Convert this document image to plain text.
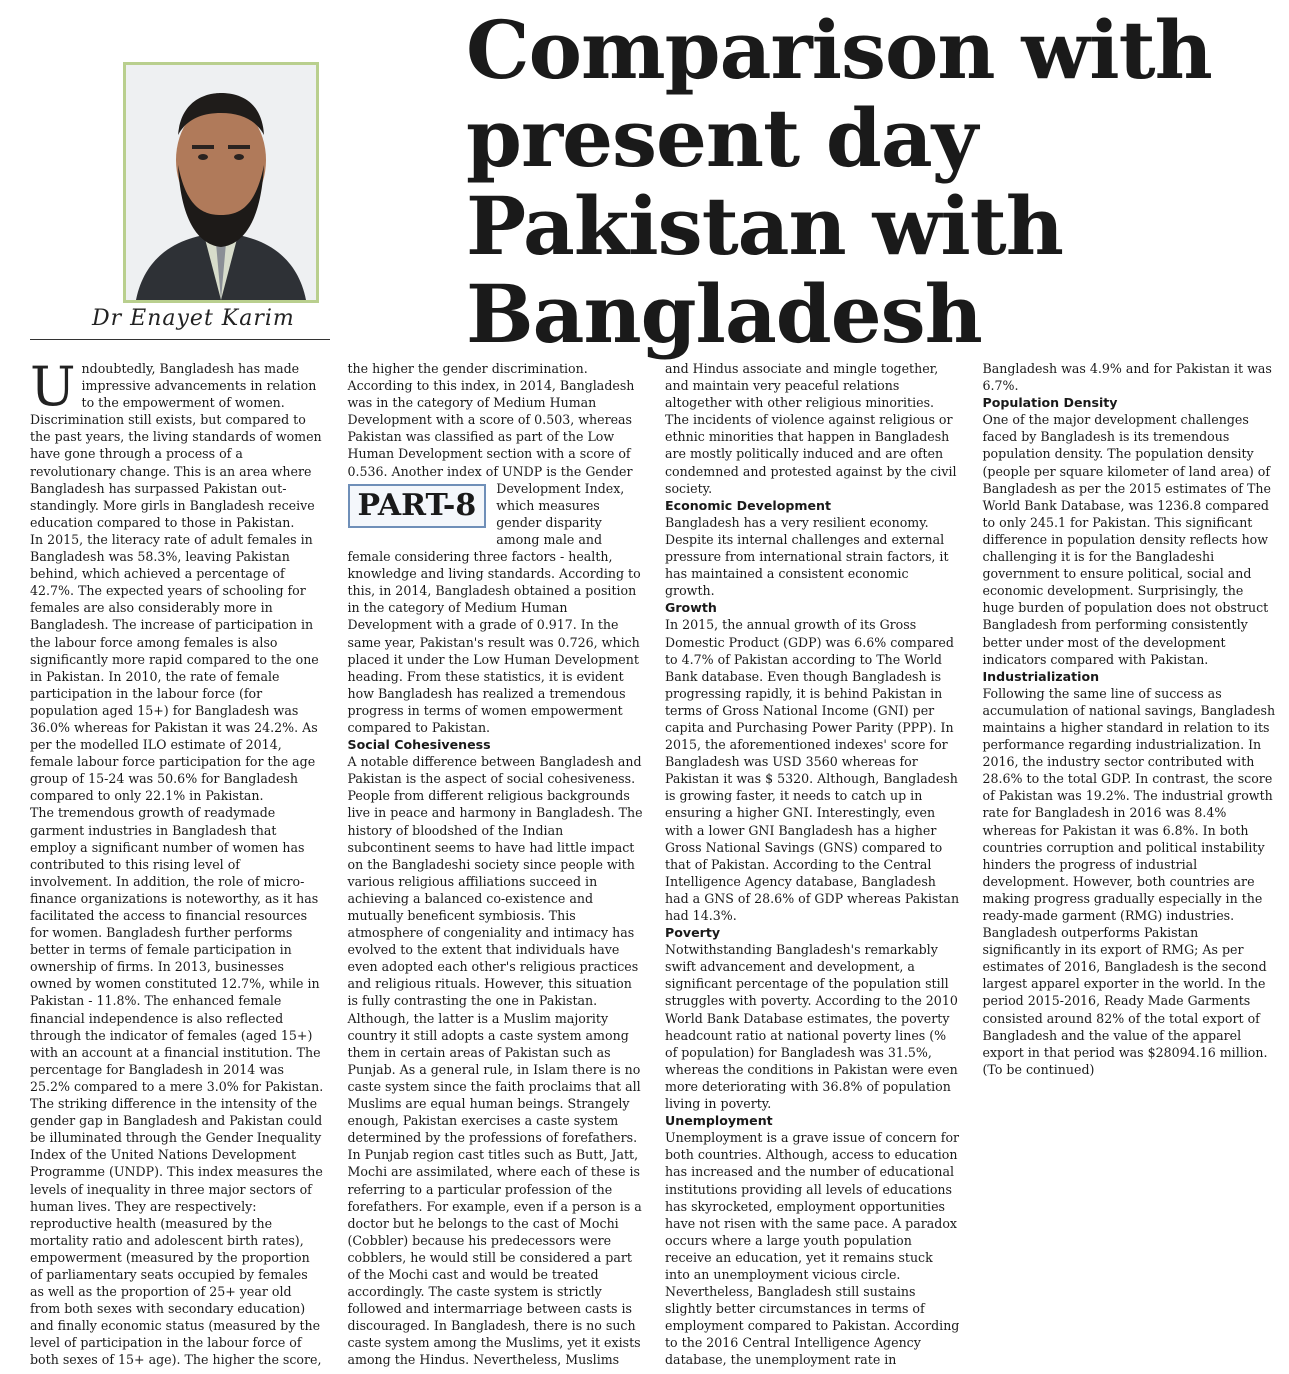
Dr Enayet Karim
Comparison with present day Pakistan with Bangladesh

Undoubtedly, Bangladesh has made impressive advancements in relation to the empowerment of women. Discrimination still exists, but compared to the past years, the living standards of women have gone through a process of a revolutionary change. This is an area where Bangladesh has surpassed Pakistan out-standingly. More girls in Bangladesh receive education compared to those in Pakistan.

In 2015, the literacy rate of adult females in Bangladesh was 58.3%, leaving Pakistan behind, which achieved a percentage of 42.7%. The expected years of schooling for females are also considerably more in Bangladesh. The increase of participation in the labour force among females is also significantly more rapid compared to the one in Pakistan. In 2010, the rate of female participation in the labour force (for population aged 15+) for Bangladesh was 36.0% whereas for Pakistan it was 24.2%. As per the modelled ILO estimate of 2014, female labour force participation for the age group of 15-24 was 50.6% for Bangladesh compared to only 22.1% in Pakistan.

The tremendous growth of readymade garment industries in Bangladesh that employ a significant number of women has contributed to this rising level of involvement. In addition, the role of micro-finance organizations is noteworthy, as it has facilitated the access to financial resources for women. Bangladesh further performs better in terms of female participation in ownership of firms. In 2013, businesses owned by women constituted 12.7%, while in Pakistan - 11.8%. The enhanced female financial independence is also reflected through the indicator of females (aged 15+) with an account at a financial institution. The percentage for Bangladesh in 2014 was 25.2% compared to a mere 3.0% for Pakistan. The striking difference in the intensity of the gender gap in Bangladesh and Pakistan could be illuminated through the Gender Inequality Index of the United Nations Development Programme (UNDP). This index measures the levels of inequality in three major sectors of human lives. They are respectively: reproductive health (measured by the mortality ratio and adolescent birth rates), empowerment (measured by the proportion of parliamentary seats occupied by females as well as the proportion of 25+ year old from both sexes with secondary education) and finally economic status (measured by the level of participation in the labour force of both sexes of 15+ age). The higher the score, the higher the gender discrimination. According to this index, in 2014, Bangladesh was in the category of Medium Human Development with a score of 0.503, whereas Pakistan was classified as part of the Low Human Development section with a score of 0.536. Another index of UNDP is the Gender

PART-8	Development Index, which measures gender disparity among male and female considering three factors - health, knowledge and living standards. According to this, in 2014, Bangladesh obtained a position in the category of Medium Human Development with a grade of 0.917. In the same year, Pakistan's result was 0.726, which placed it under the Low Human Development heading. From these statistics, it is evident how Bangladesh has realized a tremendous progress in terms of women empowerment compared to Pakistan.

Social Cohesiveness

A notable difference between Bangladesh and Pakistan is the aspect of social cohesiveness. People from different religious backgrounds live in peace and harmony in Bangladesh. The history of bloodshed of the Indian subcontinent seems to have had little impact on the Bangladeshi society since people with various religious affiliations succeed in achieving a balanced co-existence and mutually beneficent symbiosis. This atmosphere of congeniality and intimacy has evolved to the extent that individuals have even adopted each other's religious practices and religious rituals. However, this situation is fully contrasting the one in Pakistan. Although, the latter is a Muslim majority country it still adopts a caste system among them in certain areas of Pakistan such as Punjab. As a general rule, in Islam there is no caste system since the faith proclaims that all Muslims are equal human beings. Strangely enough, Pakistan exercises a caste system determined by the professions of forefathers. In Punjab region cast titles such as Butt, Jatt, Mochi are assimilated, where each of these is referring to a particular profession of the forefathers. For example, even if a person is a doctor but he belongs to the cast of Mochi (Cobbler) because his predecessors were cobblers, he would still be considered a part of the Mochi cast and would be treated accordingly. The caste system is strictly followed and intermarriage between casts is discouraged. In Bangladesh, there is no such caste system among the Muslims, yet it exists among the Hindus. Nevertheless, Muslims and Hindus associate and mingle together, and maintain very peaceful relations altogether with other religious minorities. The incidents of violence against religious or ethnic minorities that happen in Bangladesh are mostly politically induced and are often condemned and protested against by the civil society.

Economic Development

Bangladesh has a very resilient economy. Despite its internal challenges and external pressure from international strain factors, it has maintained a consistent economic growth.

Growth

In 2015, the annual growth of its Gross Domestic Product (GDP) was 6.6% compared to 4.7% of Pakistan according to The World Bank database. Even though Bangladesh is progressing rapidly, it is behind Pakistan in terms of Gross National Income (GNI) per capita and Purchasing Power Parity (PPP). In 2015, the aforementioned indexes' score for Bangladesh was USD 3560 whereas for Pakistan it was $ 5320. Although, Bangladesh is growing faster, it needs to catch up in ensuring a higher GNI. Interestingly, even with a lower GNI Bangladesh has a higher Gross National Savings (GNS) compared to that of Pakistan. According to the Central Intelligence Agency database, Bangladesh had a GNS of 28.6% of GDP whereas Pakistan had 14.3%.

Poverty

Notwithstanding Bangladesh's remarkably swift advancement and development, a significant percentage of the population still struggles with poverty. According to the 2010 World Bank Database estimates, the poverty headcount ratio at national poverty lines (% of population) for Bangladesh was 31.5%, whereas the conditions in Pakistan were even more deteriorating with 36.8% of population living in poverty.

Unemployment

Unemployment is a grave issue of concern for both countries. Although, access to education has increased and the number of educational institutions providing all levels of educations has skyrocketed, employment opportunities have not risen with the same pace. A paradox occurs where a large youth population receive an education, yet it remains stuck into an unemployment vicious circle. Nevertheless, Bangladesh still sustains slightly better circumstances in terms of employment compared to Pakistan. According to the 2016 Central Intelligence Agency database, the unemployment rate in Bangladesh was 4.9% and for Pakistan it was 6.7%.

Population Density

One of the major development challenges faced by Bangladesh is its tremendous population density. The population density (people per square kilometer of land area) of Bangladesh as per the 2015 estimates of The World Bank Database, was 1236.8 compared to only 245.1 for Pakistan. This significant difference in population density reflects how challenging it is for the Bangladeshi government to ensure political, social and economic development. Surprisingly, the huge burden of population does not obstruct Bangladesh from performing consistently better under most of the development indicators compared with Pakistan.

Industrialization

Following the same line of success as accumulation of national savings, Bangladesh maintains a higher standard in relation to its performance regarding industrialization. In 2016, the industry sector contributed with 28.6% to the total GDP. In contrast, the score of Pakistan was 19.2%. The industrial growth rate for Bangladesh in 2016 was 8.4% whereas for Pakistan it was 6.8%. In both countries corruption and political instability hinders the progress of industrial development. However, both countries are making progress gradually especially in the ready-made garment (RMG) industries. Bangladesh outperforms Pakistan significantly in its export of RMG; As per estimates of 2016, Bangladesh is the second largest apparel exporter in the world. In the period 2015-2016, Ready Made Garments consisted around 82% of the total export of Bangladesh and the value of the apparel export in that period was $28094.16 million. (To be continued)
